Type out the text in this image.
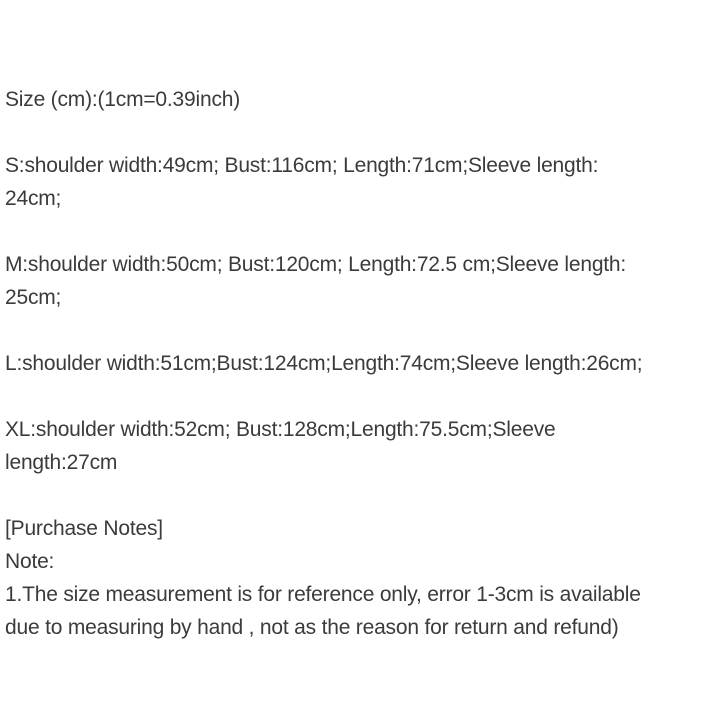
Size (cm):(1cm=0.39inch)
S:shoulder width:49cm; Bust:116cm; Length:71cm;Sleeve length:
24cm;
M:shoulder width:50cm; Bust:120cm; Length:72.5 cm;Sleeve length:
25cm;
L:shoulder width:51cm;Bust:124cm;Length:74cm;Sleeve length:26cm;
XL:shoulder width:52cm; Bust:128cm;Length:75.5cm;Sleeve
length:27cm
[Purchase Notes]
Note:
1.The size measurement is for reference only, error 1-3cm is available
due to measuring by hand , not as the reason for return and refund)
